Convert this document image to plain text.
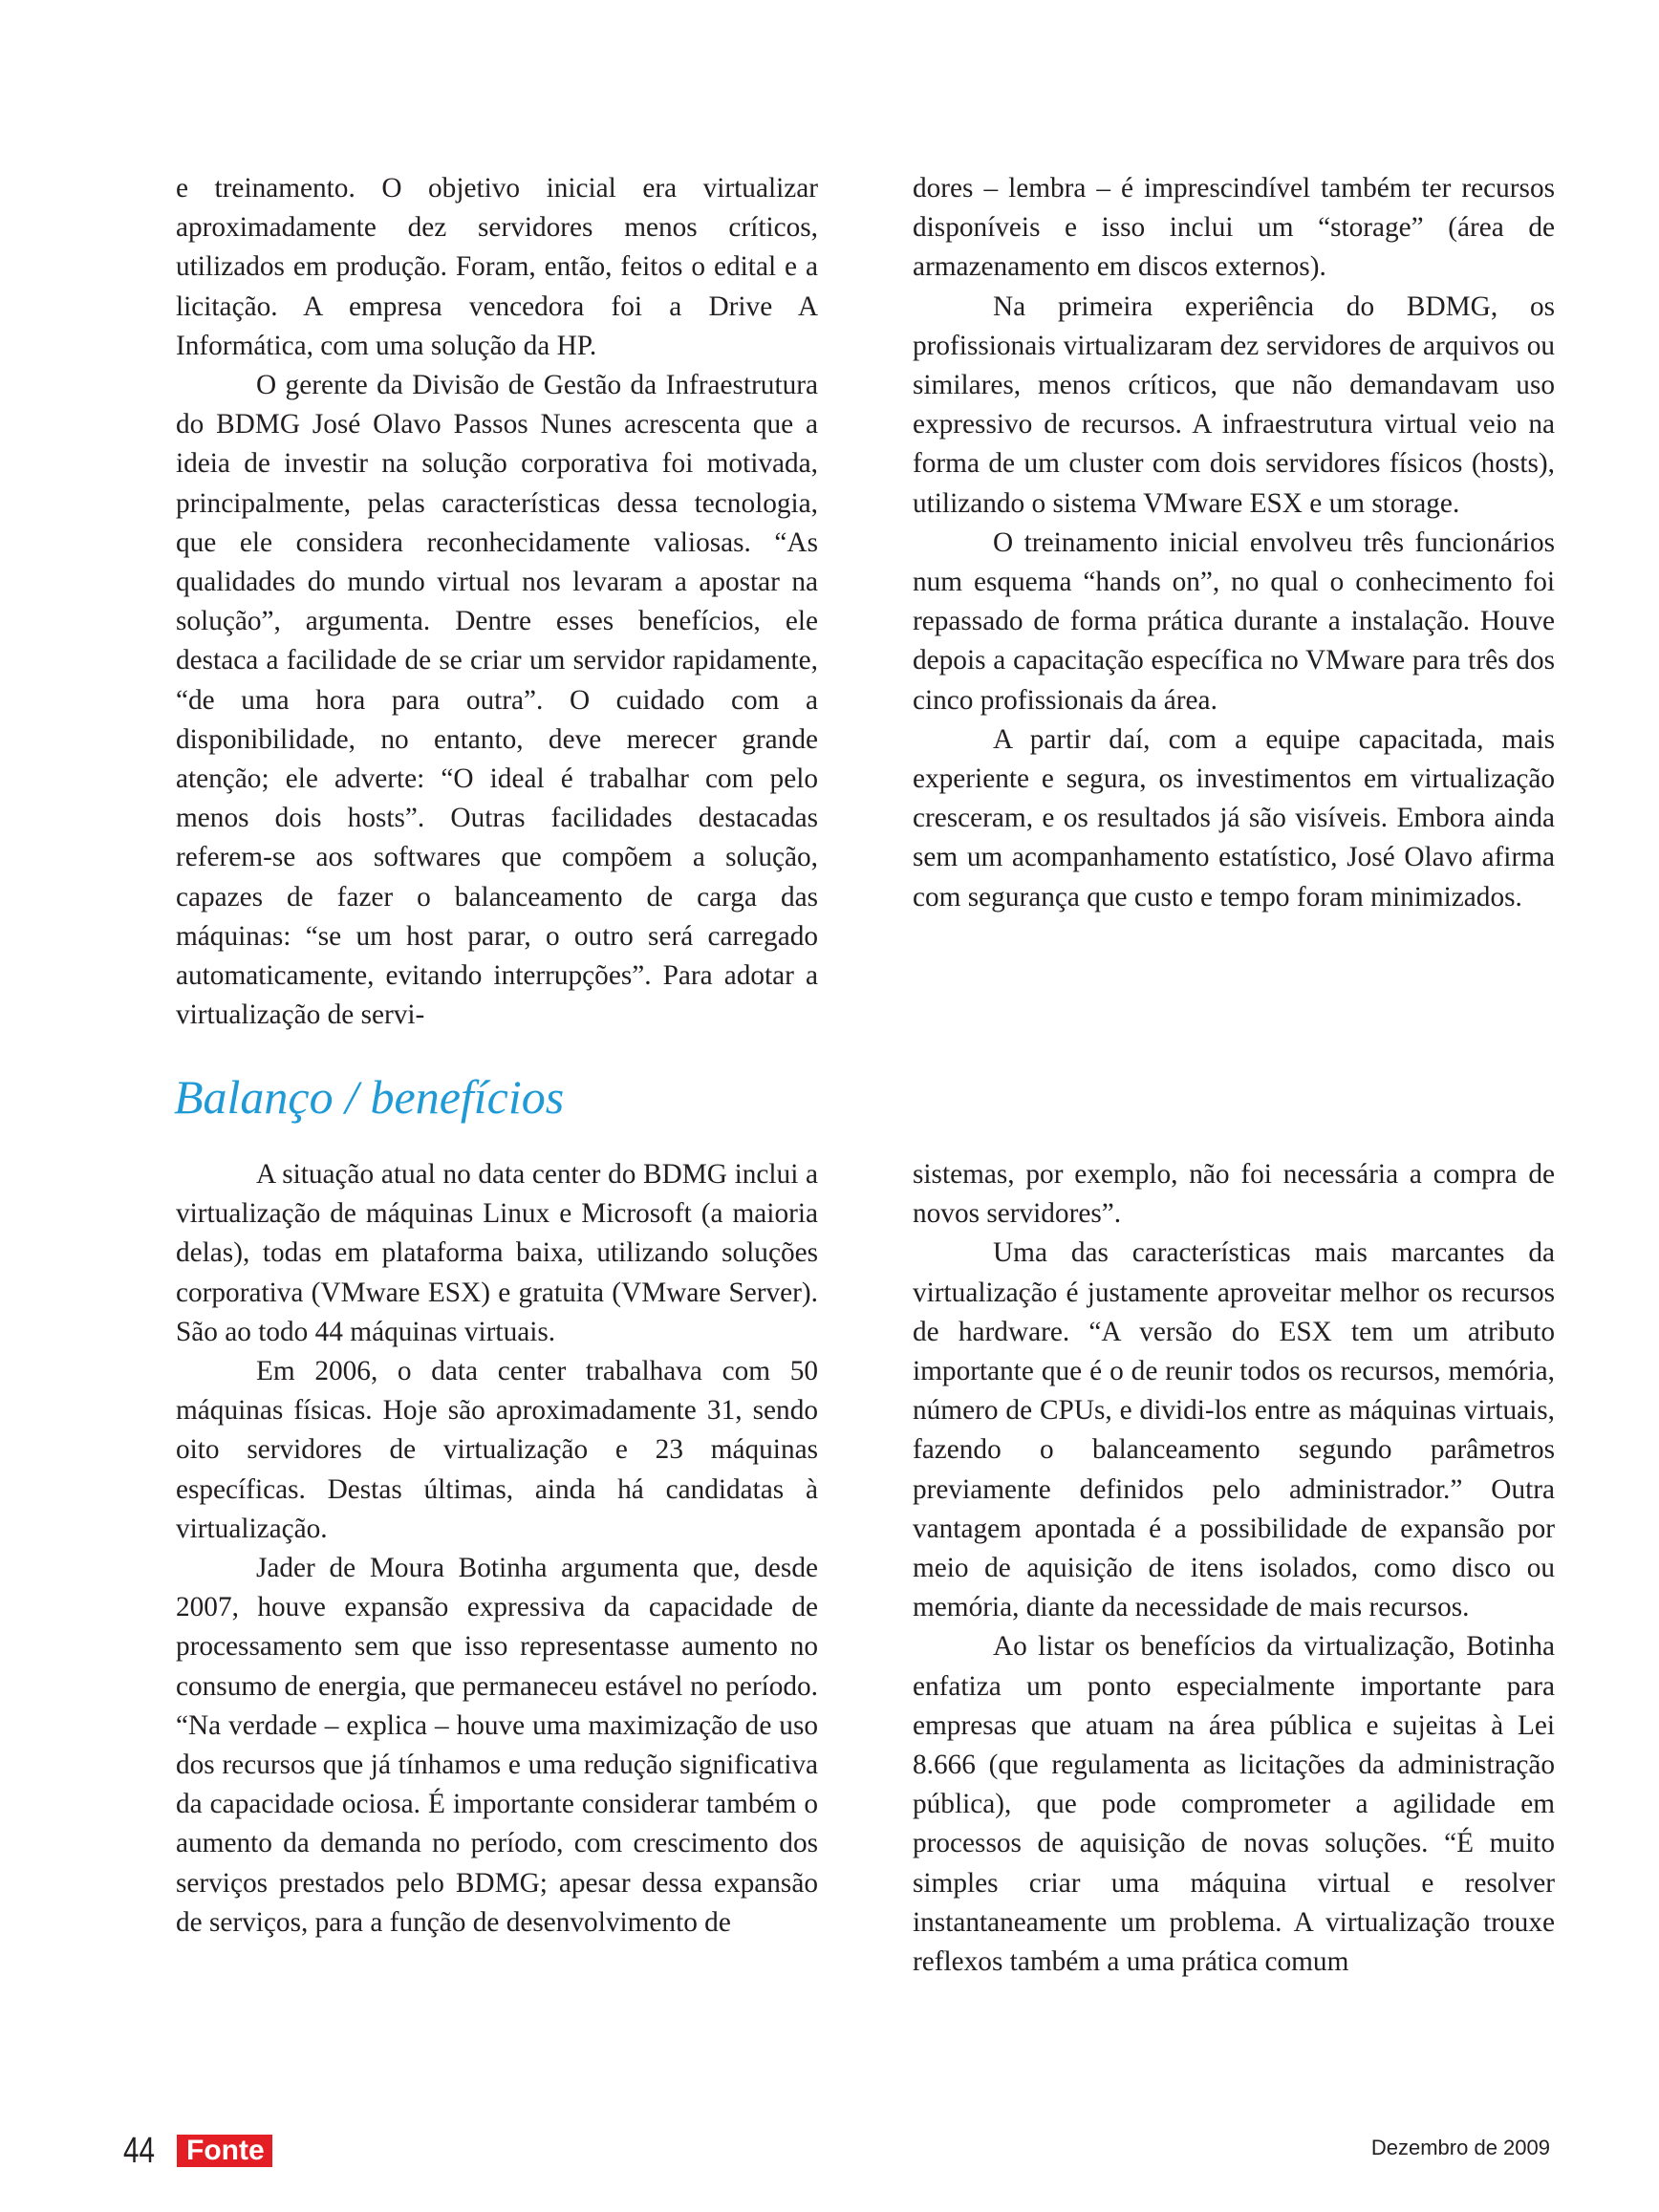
e treinamento. O objetivo inicial era virtualizar aproximadamente dez servidores menos críticos, utilizados em produção. Foram, então, feitos o edital e a licitação. A empresa vencedora foi a Drive A Informática, com uma solução da HP.

O gerente da Divisão de Gestão da Infraestrutura do BDMG José Olavo Passos Nunes acrescenta que a ideia de investir na solução corporativa foi motivada, principalmente, pelas características dessa tecnologia, que ele considera reconhecidamente valiosas. “As qualidades do mundo virtual nos levaram a apostar na solução”, argumenta. Dentre esses benefícios, ele destaca a facilidade de se criar um servidor rapidamente, “de uma hora para outra”. O cuidado com a disponibilidade, no entanto, deve merecer grande atenção; ele adverte: “O ideal é trabalhar com pelo menos dois hosts”. Outras facilidades destacadas referem-se aos softwares que compõem a solução, capazes de fazer o balanceamento de carga das máquinas: “se um host parar, o outro será carregado automaticamente, evitando interrupções”. Para adotar a virtualização de servi-

dores – lembra – é imprescindível também ter recursos disponíveis e isso inclui um “storage” (área de armazenamento em discos externos).

Na primeira experiência do BDMG, os profissionais virtualizaram dez servidores de arquivos ou similares, menos críticos, que não demandavam uso expressivo de recursos. A infraestrutura virtual veio na forma de um cluster com dois servidores físicos (hosts), utilizando o sistema VMware ESX e um storage.

O treinamento inicial envolveu três funcionários num esquema “hands on”, no qual o conhecimento foi repassado de forma prática durante a instalação. Houve depois a capacitação específica no VMware para três dos cinco profissionais da área.

A partir daí, com a equipe capacitada, mais experiente e segura, os investimentos em virtualização cresceram, e os resultados já são visíveis. Embora ainda sem um acompanhamento estatístico, José Olavo afirma com segurança que custo e tempo foram minimizados.

Balanço / benefícios

A situação atual no data center do BDMG inclui a virtualização de máquinas Linux e Microsoft (a maioria delas), todas em plataforma baixa, utilizando soluções corporativa (VMware ESX) e gratuita (VMware Server). São ao todo 44 máquinas virtuais.

Em 2006, o data center trabalhava com 50 máquinas físicas. Hoje são aproximadamente 31, sendo oito servidores de virtualização e 23 máquinas específicas. Destas últimas, ainda há candidatas à virtualização.

Jader de Moura Botinha argumenta que, desde 2007, houve expansão expressiva da capacidade de processamento sem que isso representasse aumento no consumo de energia, que permaneceu estável no período. “Na verdade – explica – houve uma maximização de uso dos recursos que já tínhamos e uma redução significativa da capacidade ociosa. É importante considerar também o aumento da demanda no período, com crescimento dos serviços prestados pelo BDMG; apesar dessa expansão de serviços, para a função de desenvolvimento de

sistemas, por exemplo, não foi necessária a compra de novos servidores”.

Uma das características mais marcantes da virtualização é justamente aproveitar melhor os recursos de hardware. “A versão do ESX tem um atributo importante que é o de reunir todos os recursos, memória, número de CPUs, e dividi-los entre as máquinas virtuais, fazendo o balanceamento segundo parâmetros previamente definidos pelo administrador.” Outra vantagem apontada é a possibilidade de expansão por meio de aquisição de itens isolados, como disco ou memória, diante da necessidade de mais recursos.

Ao listar os benefícios da virtualização, Botinha enfatiza um ponto especialmente importante para empresas que atuam na área pública e sujeitas à Lei 8.666 (que regulamenta as licitações da administração pública), que pode comprometer a agilidade em processos de aquisição de novas soluções. “É muito simples criar uma máquina virtual e resolver instantaneamente um problema. A virtualização trouxe reflexos também a uma prática comum

44 Fonte	Dezembro de 2009
